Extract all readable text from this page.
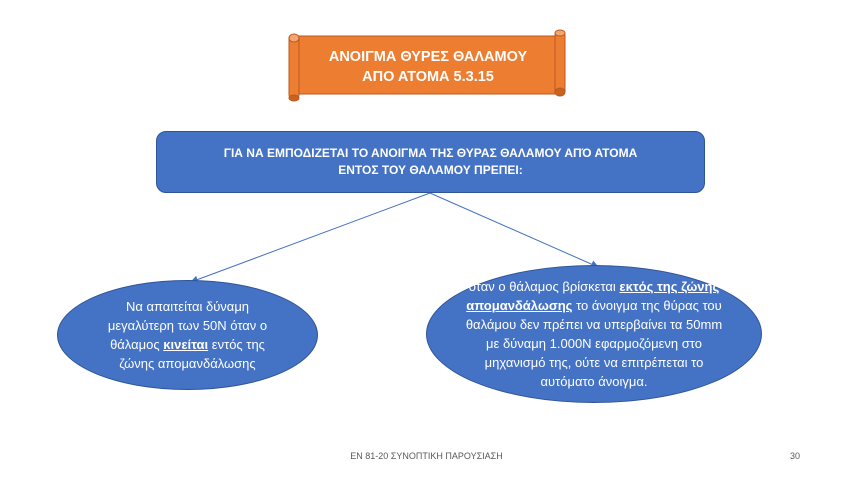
ΑΝΟΙΓΜΑ ΘΥΡΕΣ ΘΑΛΑΜΟΥ
ΑΠΟ ΑΤΟΜΑ 5.3.15
ΓΙΑ ΝΑ ΕΜΠΟΔΙΖΕΤΑΙ ΤΟ ΑΝΟΙΓΜΑ ΤΗΣ ΘΥΡΑΣ ΘΑΛΑΜΟΥ ΑΠΌ ΑΤΟΜΑ
ΕΝΤΟΣ ΤΟΥ ΘΑΛΑΜΟΥ ΠΡΕΠΕΙ:
Να απαιτείται δύναμη μεγαλύτερη των 50Ν όταν ο θάλαμος κινείται εντός της ζώνης απομανδάλωσης
όταν ο θάλαμος βρίσκεται εκτός της ζώνης απομανδάλωσης το άνοιγμα της θύρας του θαλάμου δεν πρέπει να υπερβαίνει τα 50mm με δύναμη 1.000N εφαρμοζόμενη στο μηχανισμό της, ούτε να επιτρέπεται το αυτόματο άνοιγμα.
ΕΝ 81-20 ΣΥΝΟΠΤΙΚΗ ΠΑΡΟΥΣΙΑΣΗ	30
